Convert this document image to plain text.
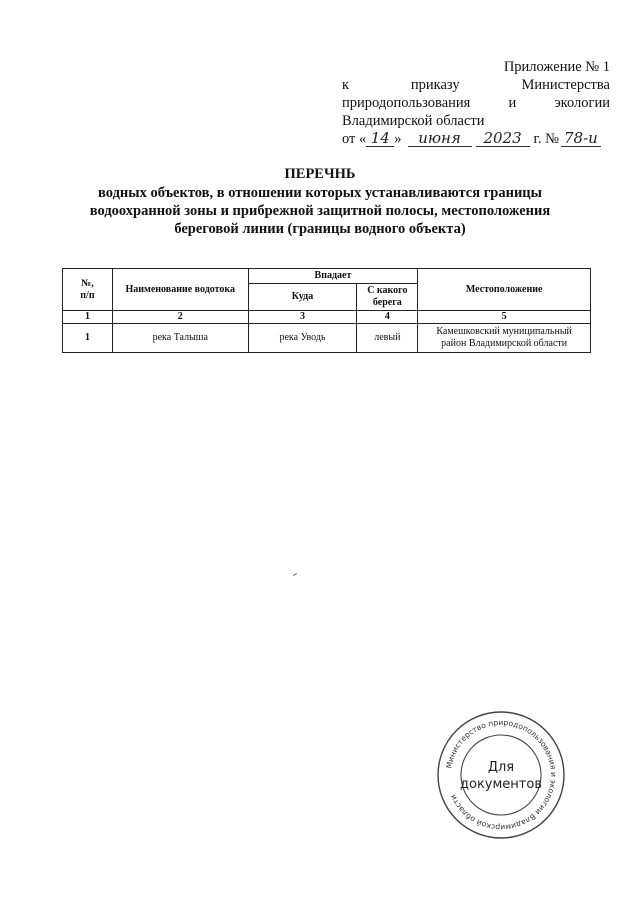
Приложение № 1
к	приказу	Министерства
природопользования	и	экологии
Владимирской области
от « 14 »	июня	2023 г. № 78-и
ПЕРЕЧНЬ
водных объектов, в отношении которых устанавливаются границы
водоохранной зоны и прибрежной защитной полосы, местоположения
береговой линии (границы водного объекта)
№,
п/п	Наименование водотока	Впадает		Местоположение
		Куда	С какого
берега	

1	2	3	4	5
1	река Талыша	река Уводь	левый	Камешковский муниципальный
район Владимирской области
Министерство природопользования и экологии Владимирской области
Для
документов
